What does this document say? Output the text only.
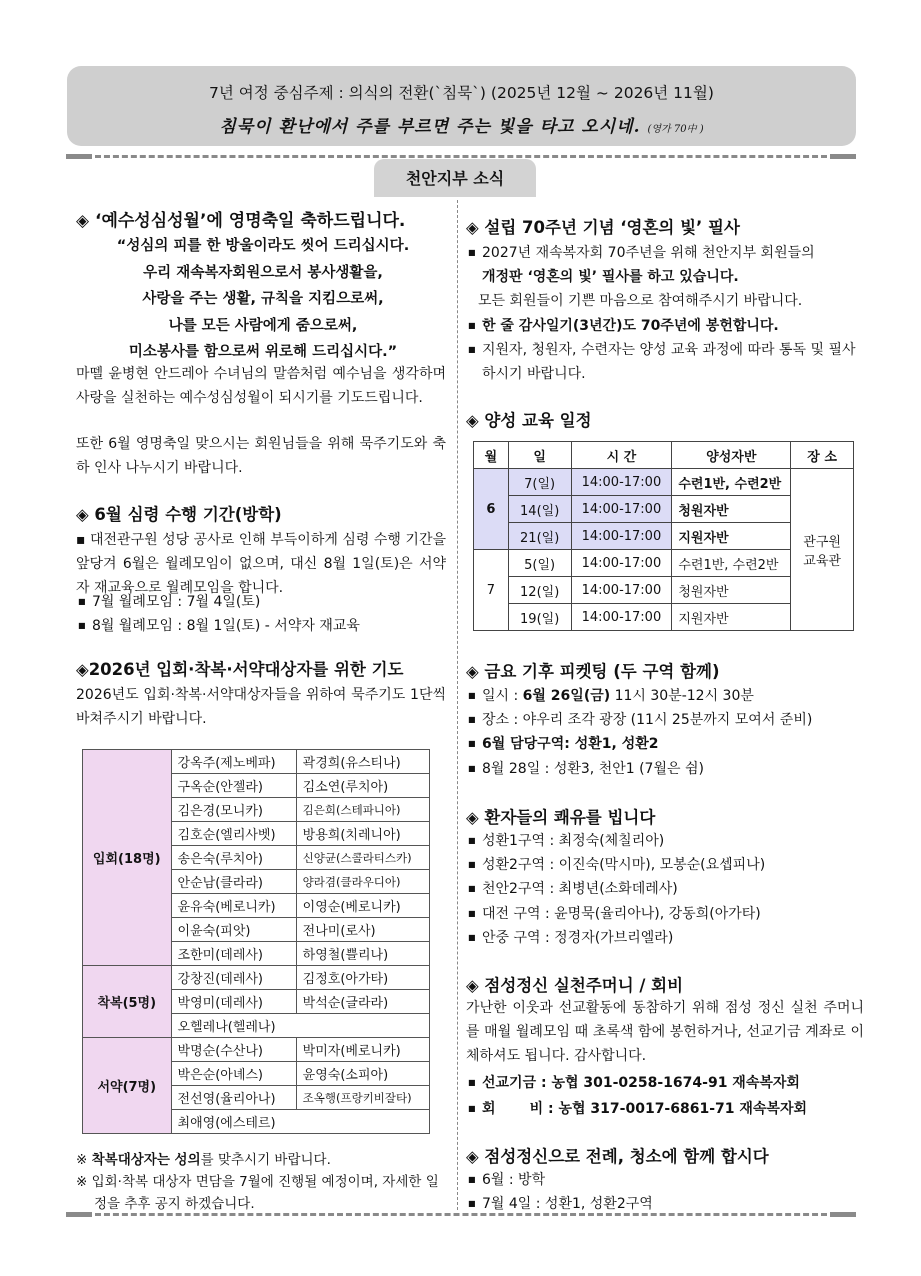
7년 여정 중심주제 : 의식의 전환(`침묵`) (2025년 12월 ~ 2026년 11월)
침묵이 환난에서 주를 부르면 주는 빛을 타고 오시네. (영가 70中 )
천안지부 소식
◈ ‘예수성심성월’에 영명축일 축하드립니다.
“성심의 피를 한 방울이라도 씻어 드리십시다.
우리 재속복자회원으로서 봉사생활을,
사랑을 주는 생활, 규칙을 지킴으로써,
나를 모든 사람에게 줌으로써,
미소봉사를 함으로써 위로해 드리십시다.”
마뗄 윤병현 안드레아 수녀님의 말씀처럼 예수님을 생각하며 사랑을 실천하는 예수성심성월이 되시기를 기도드립니다.
또한 6월 영명축일 맞으시는 회원님들을 위해 묵주기도와 축하 인사 나누시기 바랍니다.
◈ 6월 심령 수행 기간(방학)
▪ 대전관구원 성당 공사로 인해 부득이하게 심령 수행 기간을 앞당겨 6월은 월례모임이 없으며, 대신 8월 1일(토)은 서약자 재교육으로 월례모임을 합니다.
■ 7월 월례모임 : 7월 4일(토)
■ 8월 월례모임 : 8월 1일(토) - 서약자 재교육
◈2026년 입회·착복·서약대상자를 위한 기도
2026년도 입회·착복·서약대상자들을 위하여 묵주기도 1단씩 바쳐주시기 바랍니다.
입회(18명)	강옥주(제노베파)	곽경희(유스티나)
	구옥순(안젤라)	김소연(루치아)
	김은경(모니카)	김은희(스테파니아)
	김호순(엘리사벳)	방용희(치레니아)
	송은숙(루치아)	신양균(스콜라티스카)
	안순남(클라라)	양라겸(클라우디아)
	윤유숙(베로니카)	이영순(베로니카)
	이윤숙(피앗)	전나미(로사)
	조한미(데레사)	하영철(쁠리나)
착복(5명)	강창진(데레사)	김정호(아가타)
	박영미(데레사)	박석순(글라라)
	오헬레나(헬레나)	
서약(7명)	박명순(수산나)	박미자(베로니카)
	박은순(아녜스)	윤영숙(소피아)
	전선영(율리아나)	조옥행(프랑키비잘타)
	최애영(에스테르)	
※ 착복대상자는 성의를 맞추시기 바랍니다.
※ 입회·착복 대상자 면담을 7월에 진행될 예정이며, 자세한 일정을 추후 공지 하겠습니다.
◈ 설립 70주년 기념 ‘영혼의 빛’ 필사
■ 2027년 재속복자회 70주년을 위해 천안지부 회원들의
개정판 ‘영혼의 빛’ 필사를 하고 있습니다.
모든 회원들이 기쁜 마음으로 참여해주시기 바랍니다.
■ 한 줄 감사일기(3년간)도 70주년에 봉헌합니다.
■ 지원자, 청원자, 수련자는 양성 교육 과정에 따라 통독 및 필사하시기 바랍니다.
◈ 양성 교육 일정
월	일	시 간	양성자반	장 소
6	7(일)	14:00-17:00	수련1반, 수련2반	관구원
교육관
	14(일)	14:00-17:00	청원자반	
	21(일)	14:00-17:00	지원자반	
7	5(일)	14:00-17:00	수련1반, 수련2반	
	12(일)	14:00-17:00	청원자반	
	19(일)	14:00-17:00	지원자반	
◈ 금요 기후 피켓팅 (두 구역 함께)
■ 일시 : 6월 26일(금) 11시 30분-12시 30분
■ 장소 : 야우리 조각 광장 (11시 25분까지 모여서 준비)
■ 6월 담당구역: 성환1, 성환2
■ 8월 28일 : 성환3, 천안1 (7월은 쉼)
◈ 환자들의 쾌유를 빕니다
■ 성환1구역 : 최정숙(체칠리아)
■ 성환2구역 : 이진숙(막시마), 모봉순(요셉피나)
■ 천안2구역 : 최병년(소화데레사)
■ 대전 구역 : 윤명묵(율리아나), 강동희(아가타)
■ 안중 구역 : 정경자(가브리엘라)
◈ 점성정신 실천주머니 / 회비
가난한 이웃과 선교활동에 동참하기 위해 점성 정신 실천 주머니를 매월 월례모임 때 초록색 함에 봉헌하거나, 선교기금 계좌로 이체하셔도 됩니다. 감사합니다.
■ 선교기금 : 농협 301-0258-1674-91 재속복자회
■ 회       비 : 농협 317-0017-6861-71 재속복자회
◈ 점성정신으로 전례, 청소에 함께 합시다
■ 6월 : 방학
■ 7월 4일 : 성환1, 성환2구역
